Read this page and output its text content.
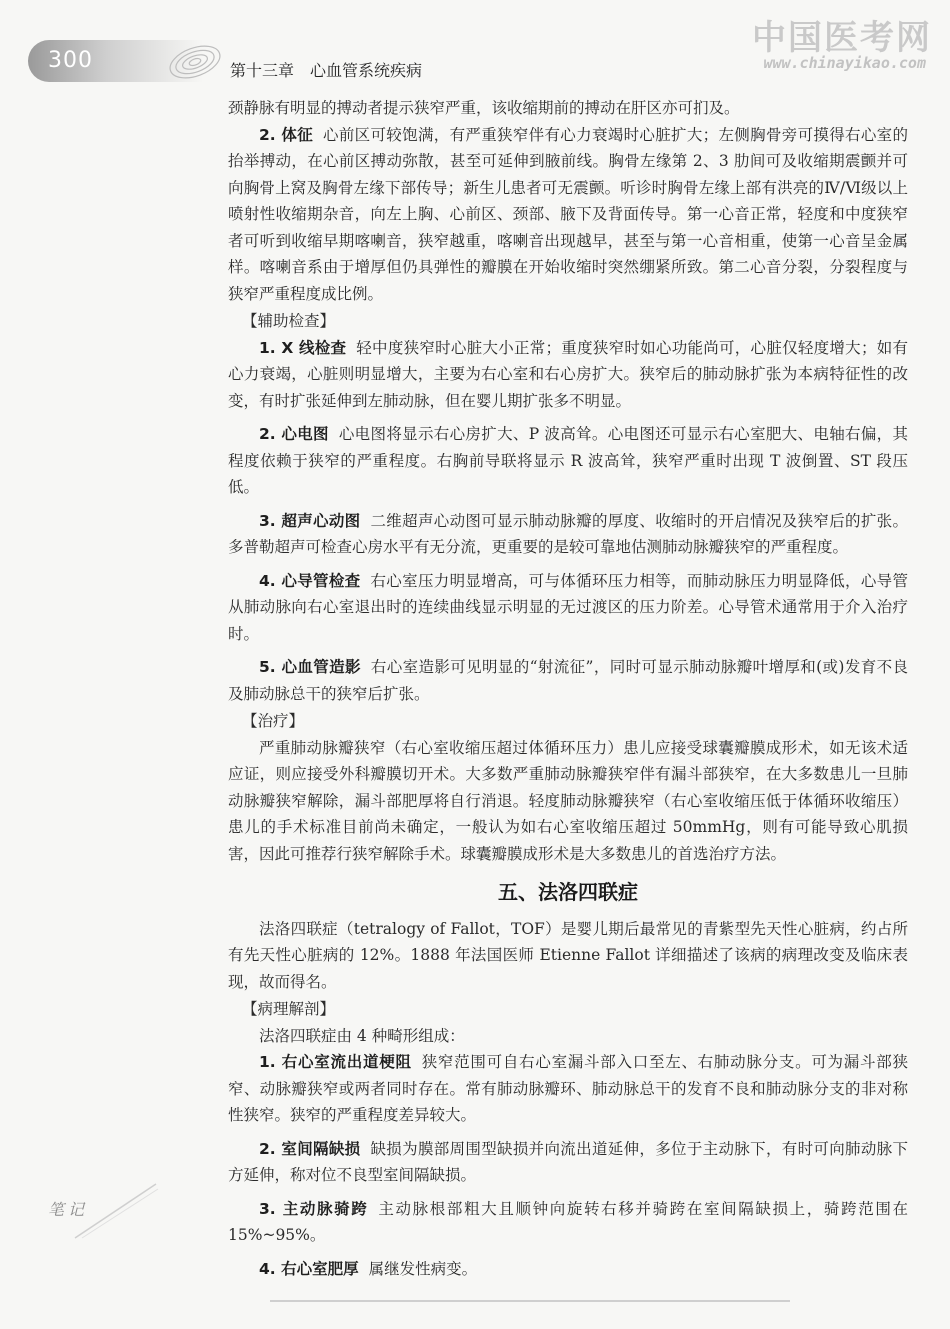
300	第十三章　心血管系统疾病
中国医考网
www.chinayikao.com

颈静脉有明显的搏动者提示狭窄严重，该收缩期前的搏动在肝区亦可扪及。

2. 体征 心前区可较饱满，有严重狭窄伴有心力衰竭时心脏扩大；左侧胸骨旁可摸得右心室的抬举搏动，在心前区搏动弥散，甚至可延伸到腋前线。胸骨左缘第 2、3 肋间可及收缩期震颤并可向胸骨上窝及胸骨左缘下部传导；新生儿患者可无震颤。听诊时胸骨左缘上部有洪亮的Ⅳ/Ⅵ级以上喷射性收缩期杂音，向左上胸、心前区、颈部、腋下及背面传导。第一心音正常，轻度和中度狭窄者可听到收缩早期喀喇音，狭窄越重，喀喇音出现越早，甚至与第一心音相重，使第一心音呈金属样。喀喇音系由于增厚但仍具弹性的瓣膜在开始收缩时突然绷紧所致。第二心音分裂，分裂程度与狭窄严重程度成比例。

【辅助检查】

1. X 线检查 轻中度狭窄时心脏大小正常；重度狭窄时如心功能尚可，心脏仅轻度增大；如有心力衰竭，心脏则明显增大，主要为右心室和右心房扩大。狭窄后的肺动脉扩张为本病特征性的改变，有时扩张延伸到左肺动脉，但在婴儿期扩张多不明显。

2. 心电图 心电图将显示右心房扩大、P 波高耸。心电图还可显示右心室肥大、电轴右偏，其程度依赖于狭窄的严重程度。右胸前导联将显示 R 波高耸，狭窄严重时出现 T 波倒置、ST 段压低。

3. 超声心动图 二维超声心动图可显示肺动脉瓣的厚度、收缩时的开启情况及狭窄后的扩张。多普勒超声可检查心房水平有无分流，更重要的是较可靠地估测肺动脉瓣狭窄的严重程度。

4. 心导管检查 右心室压力明显增高，可与体循环压力相等，而肺动脉压力明显降低，心导管从肺动脉向右心室退出时的连续曲线显示明显的无过渡区的压力阶差。心导管术通常用于介入治疗时。

5. 心血管造影 右心室造影可见明显的“射流征”，同时可显示肺动脉瓣叶增厚和(或)发育不良及肺动脉总干的狭窄后扩张。

【治疗】

严重肺动脉瓣狭窄（右心室收缩压超过体循环压力）患儿应接受球囊瓣膜成形术，如无该术适应证，则应接受外科瓣膜切开术。大多数严重肺动脉瓣狭窄伴有漏斗部狭窄，在大多数患儿一旦肺动脉瓣狭窄解除，漏斗部肥厚将自行消退。轻度肺动脉瓣狭窄（右心室收缩压低于体循环收缩压）患儿的手术标准目前尚未确定，一般认为如右心室收缩压超过 50mmHg，则有可能导致心肌损害，因此可推荐行狭窄解除手术。球囊瓣膜成形术是大多数患儿的首选治疗方法。

五、法洛四联症

法洛四联症（tetralogy of Fallot，TOF）是婴儿期后最常见的青紫型先天性心脏病，约占所有先天性心脏病的 12%。1888 年法国医师 Etienne Fallot 详细描述了该病的病理改变及临床表现，故而得名。

【病理解剖】

法洛四联症由 4 种畸形组成：

1. 右心室流出道梗阻 狭窄范围可自右心室漏斗部入口至左、右肺动脉分支。可为漏斗部狭窄、动脉瓣狭窄或两者同时存在。常有肺动脉瓣环、肺动脉总干的发育不良和肺动脉分支的非对称性狭窄。狭窄的严重程度差异较大。

2. 室间隔缺损 缺损为膜部周围型缺损并向流出道延伸，多位于主动脉下，有时可向肺动脉下方延伸，称对位不良型室间隔缺损。

3. 主动脉骑跨 主动脉根部粗大且顺钟向旋转右移并骑跨在室间隔缺损上，骑跨范围在 15%~95%。

4. 右心室肥厚 属继发性病变。

笔记
